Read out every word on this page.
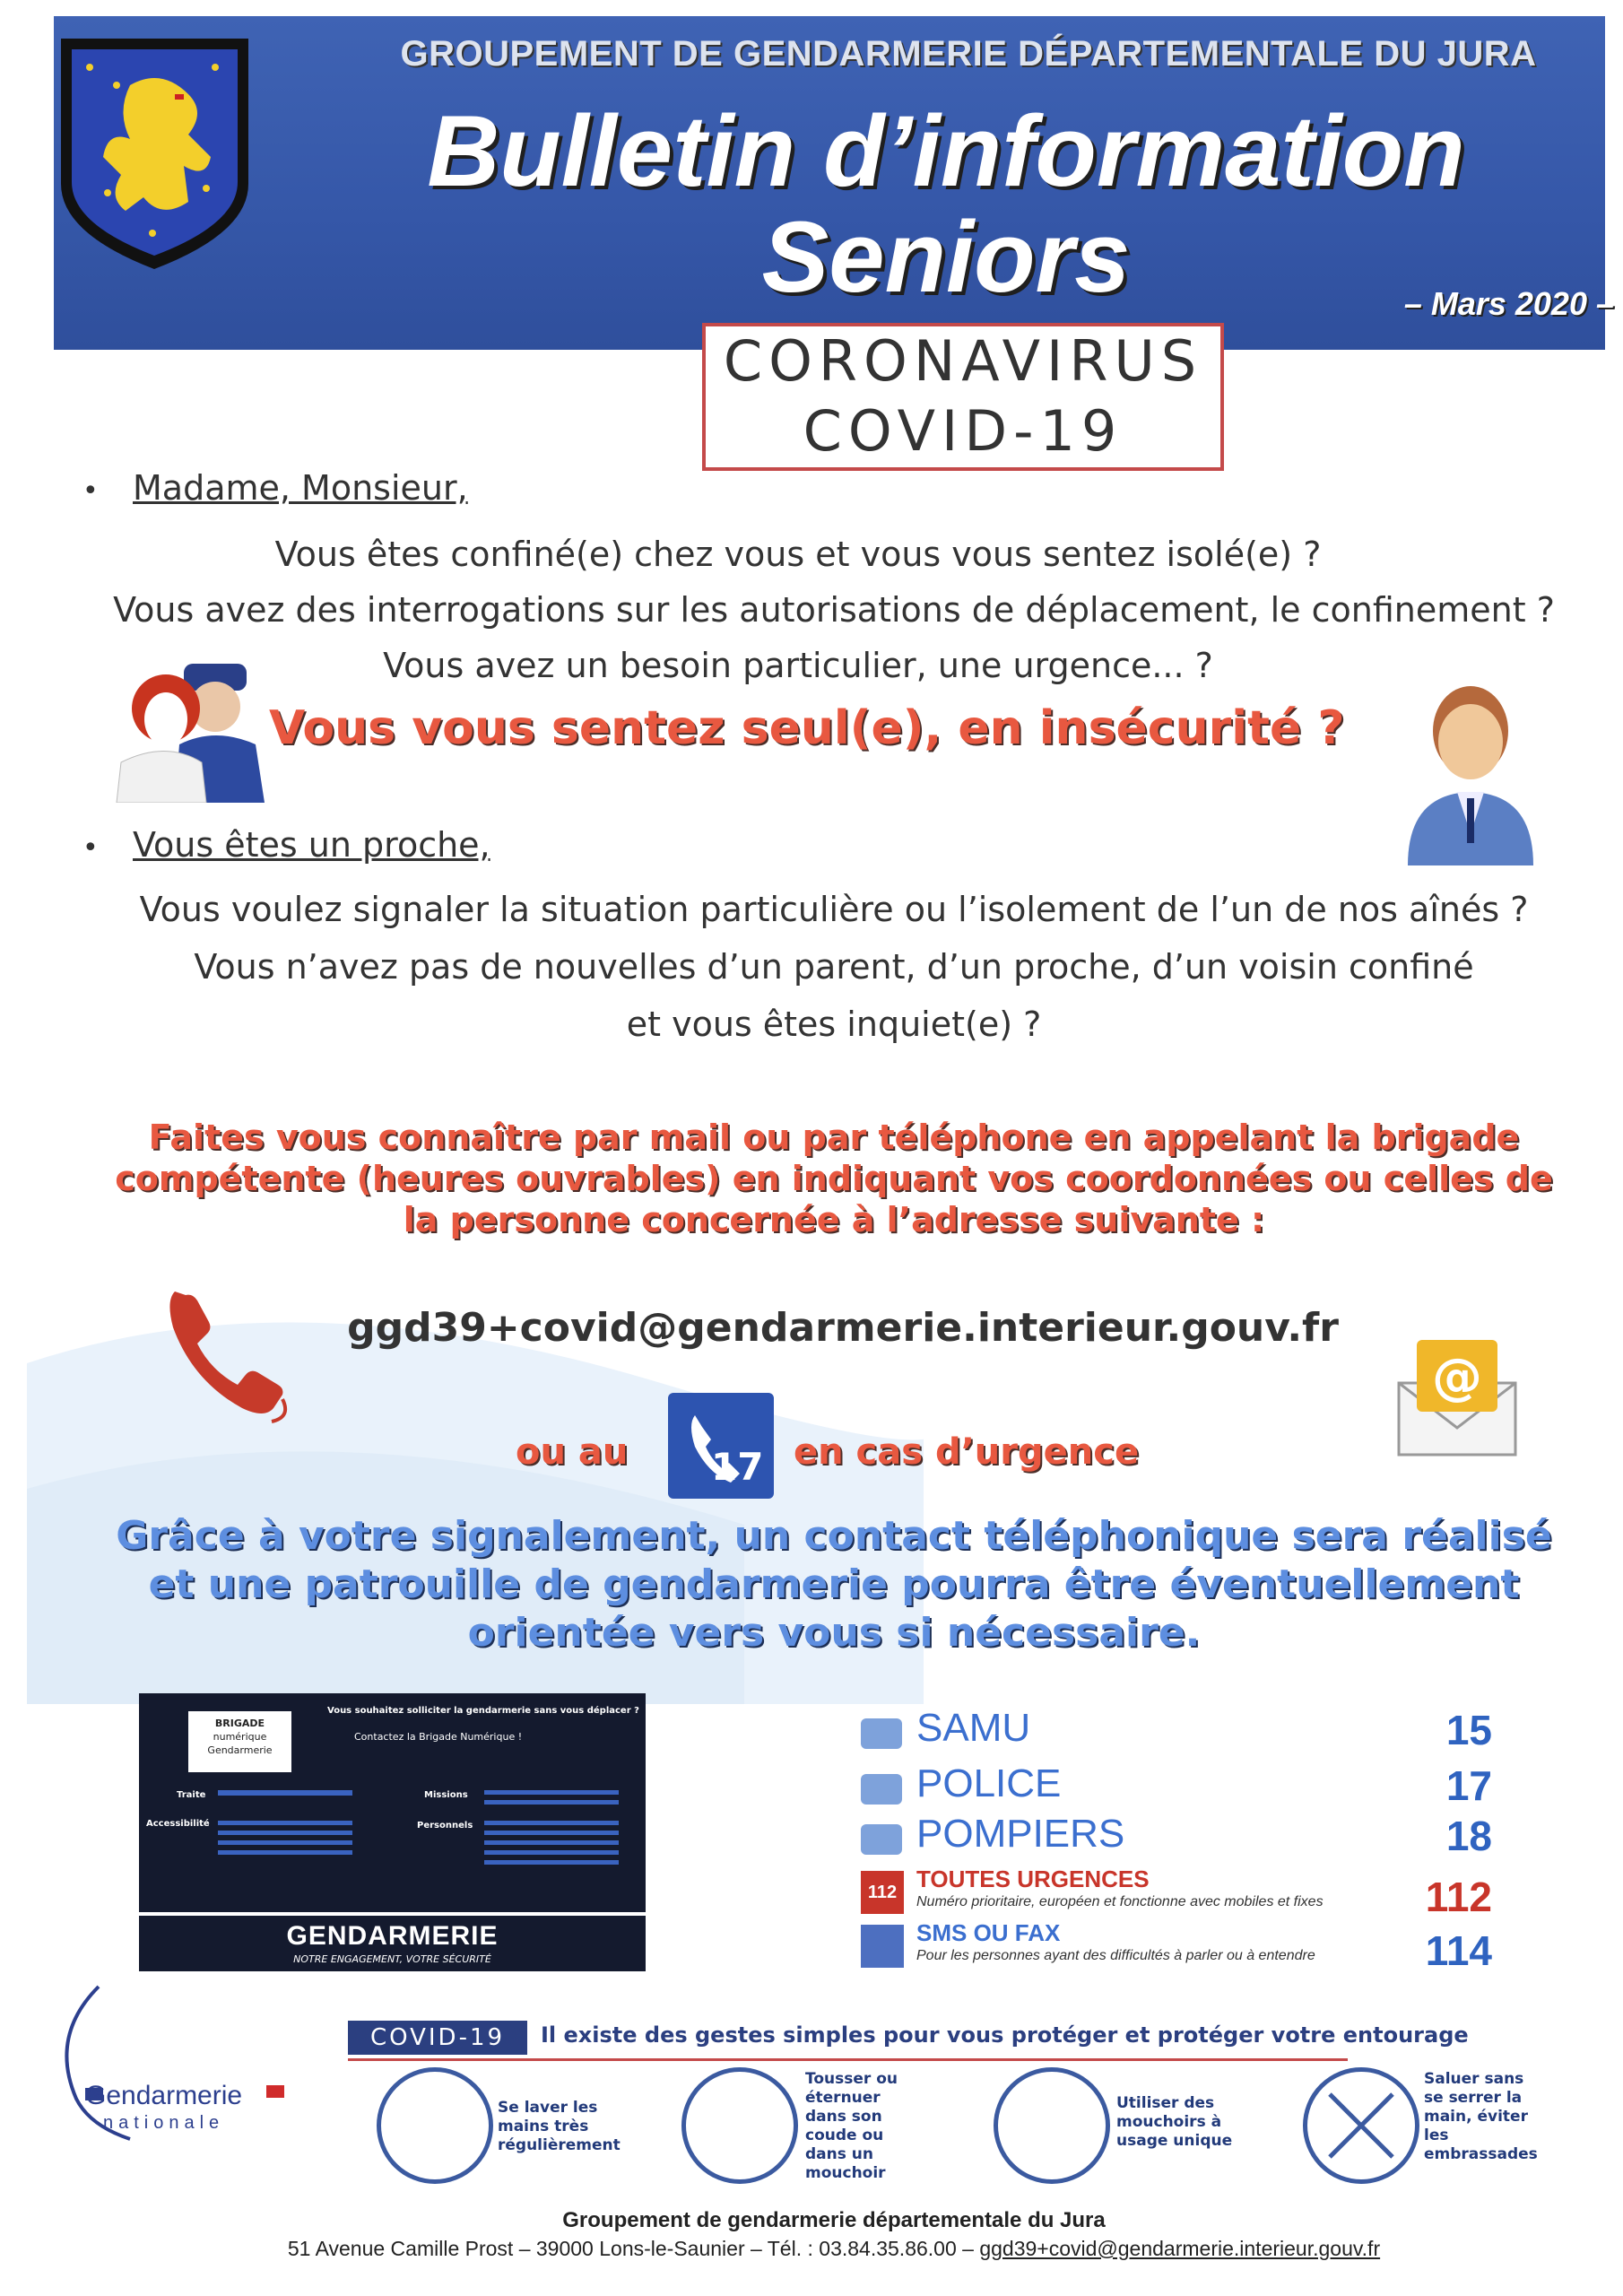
GROUPEMENT DE GENDARMERIE DÉPARTEMENTALE DU JURA
Bulletin d’information
Seniors	– Mars 2020 –
CORONAVIRUS
COVID-19
• Madame, Monsieur,
Vous êtes confiné(e) chez vous et vous vous sentez isolé(e) ?
Vous avez des interrogations sur les autorisations de déplacement, le confinement ?
Vous avez un besoin particulier, une urgence... ?
Vous vous sentez seul(e), en insécurité ?
• Vous êtes un proche,
Vous voulez signaler la situation particulière ou l’isolement de l’un de nos aînés ?
Vous n’avez pas de nouvelles d’un parent, d’un proche, d’un voisin confiné
et vous êtes inquiet(e) ?
Faites vous connaître par mail ou par téléphone en appelant la brigade
compétente (heures ouvrables) en indiquant vos coordonnées ou celles de
la personne concernée à l’adresse suivante :
ggd39+covid@gendarmerie.interieur.gouv.fr
@
ou au 17 en cas d’urgence
Grâce à votre signalement, un contact téléphonique sera réalisé
et une patrouille de gendarmerie pourra être éventuellement
orientée vers vous si nécessaire.
BRIGADE
numérique
Gendarmerie
Vous souhaitez solliciter la gendarmerie sans vous déplacer ?
Contactez la Brigade Numérique !
Traite
Accessibilité
Missions
Personnels
GENDARMERIE
NOTRE ENGAGEMENT, VOTRE SÉCURITÉ
SAMU	15
POLICE	17
POMPIERS	18
112 TOUTES URGENCES
Numéro prioritaire, européen et fonctionne avec mobiles et fixes 112
SMS OU FAX
Pour les personnes ayant des difficultés à parler ou à entendre	114
Gendarmerie
nationale
COVID-19	Il existe des gestes simples pour vous protéger et protéger votre entourage
Se laver les mains très régulièrement
Tousser ou éternuer dans son coude ou dans un mouchoir
Utiliser des mouchoirs à usage unique
Saluer sans se serrer la main, éviter les embrassades
Groupement de gendarmerie départementale du Jura
51 Avenue Camille Prost – 39000 Lons-le-Saunier – Tél. : 03.84.35.86.00 – ggd39+covid@gendarmerie.interieur.gouv.fr
